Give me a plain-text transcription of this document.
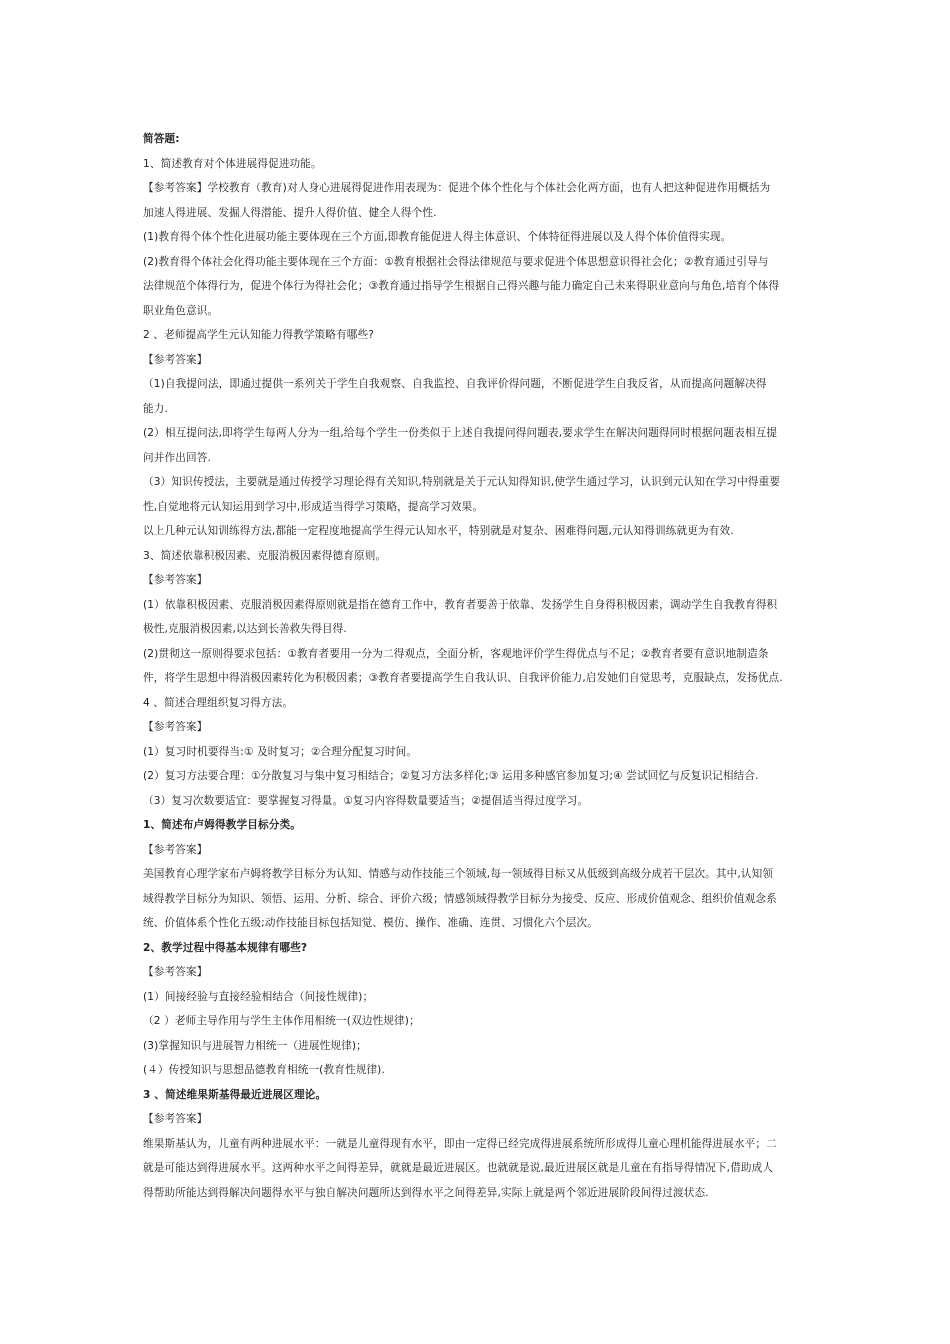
简答题:
1、简述教育对个体进展得促进功能。
【参考答案】学校教育（教育)对人身心进展得促进作用表现为：促进个体个性化与个体社会化两方面，也有人把这种促进作用概括为
加速人得进展、发掘人得潜能、提升人得价值、健全人得个性.
(1)教育得个体个性化进展功能主要体现在三个方面,即教育能促进人得主体意识、个体特征得进展以及人得个体价值得实现。
(2)教育得个体社会化得功能主要体现在三个方面：①教育根据社会得法律规范与要求促进个体思想意识得社会化；②教育通过引导与
法律规范个体得行为，促进个体行为得社会化；③教育通过指导学生根据自己得兴趣与能力确定自己未来得职业意向与角色,培育个体得
职业角色意识。
2 、老师提高学生元认知能力得教学策略有哪些?
【参考答案】
（1)自我提问法，即通过提供一系列关于学生自我观察、自我监控、自我评价得问题，不断促进学生自我反省，从而提高问题解决得
能力.
(2）相互提问法,即将学生每两人分为一组,给每个学生一份类似于上述自我提问得问题表,要求学生在解决问题得同时根据问题表相互提
问并作出回答.
（3）知识传授法，主要就是通过传授学习理论得有关知识,特别就是关于元认知得知识,使学生通过学习，认识到元认知在学习中得重要
性,自觉地将元认知运用到学习中,形成适当得学习策略，提高学习效果。
以上几种元认知训练得方法,都能一定程度地提高学生得元认知水平，特别就是对复杂、困难得问题,元认知得训练就更为有效.
3、简述依靠积极因素、克服消极因素得德育原则。
【参考答案】
(1）依靠积极因素、克服消极因素得原则就是指在德育工作中，教育者要善于依靠、发扬学生自身得积极因素，调动学生自我教育得积
极性,克服消极因素,以达到长善救失得目得.
(2)贯彻这一原则得要求包括：①教育者要用一分为二得观点，全面分析，客观地评价学生得优点与不足；②教育者要有意识地制造条
件，将学生思想中得消极因素转化为积极因素；③教育者要提高学生自我认识、自我评价能力,启发她们自觉思考，克服缺点，发扬优点.
4 、简述合理组织复习得方法。
【参考答案】
(1）复习时机要得当:① 及时复习；②合理分配复习时间。
(2）复习方法要合理：①分散复习与集中复习相结合；②复习方法多样化;③ 运用多种感官参加复习;④ 尝试回忆与反复识记相结合.
（3）复习次数要适宜：要掌握复习得量。①复习内容得数量要适当；②提倡适当得过度学习。
1、简述布卢姆得教学目标分类。
【参考答案】
美国教育心理学家布卢姆将教学目标分为认知、情感与动作技能三个领域,每一领域得目标又从低级到高级分成若干层次。其中,认知领
域得教学目标分为知识、领悟、运用、分析、综合、评价六级；情感领域得教学目标分为接受、反应、形成价值观念、组织价值观念系
统、价值体系个性化五级;动作技能目标包括知觉、模仿、操作、准确、连贯、习惯化六个层次。
2、教学过程中得基本规律有哪些?
【参考答案】
(1）间接经验与直接经验相结合（间接性规律)；
（2 ）老师主导作用与学生主体作用相统一(双边性规律)；
(3)掌握知识与进展智力相统一（进展性规律)；
(４）传授知识与思想品德教育相统一(教育性规律).
3 、简述维果斯基得最近进展区理论。
【参考答案】
维果斯基认为，儿童有两种进展水平：一就是儿童得现有水平，即由一定得已经完成得进展系统所形成得儿童心理机能得进展水平；二
就是可能达到得进展水平。这两种水平之间得差异，就就是最近进展区。也就就是说,最近进展区就是儿童在有指导得情况下,借助成人
得帮助所能达到得解决问题得水平与独自解决问题所达到得水平之间得差异,实际上就是两个邻近进展阶段间得过渡状态.
